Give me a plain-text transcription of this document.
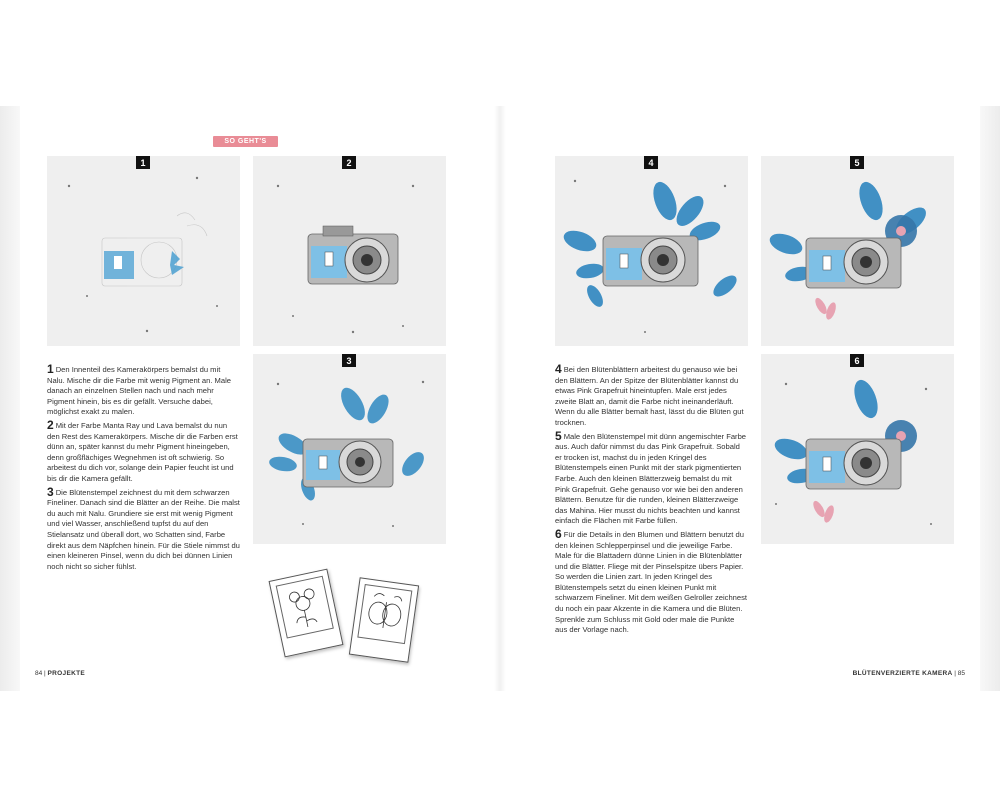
SO GEHT'S
1	2
3

1 Den Innenteil des Kamerakörpers bemalst du mit Nalu. Mische dir die Farbe mit wenig Pigment an. Male danach an einzelnen Stellen nach und nach mehr Pigment hinein, bis es dir gefällt. Versuche dabei, möglichst exakt zu malen.

2 Mit der Farbe Manta Ray und Lava bemalst du nun den Rest des Kamerakörpers. Mische dir die Farben erst dünn an, später kannst du mehr Pigment hineingeben, denn großflächiges Wegnehmen ist oft schwierig. So arbeitest du dich vor, solange dein Papier feucht ist und bis dir die Kamera gefällt.

3 Die Blütenstempel zeichnest du mit dem schwarzen Fineliner. Danach sind die Blätter an der Reihe. Die malst du auch mit Nalu. Grundiere sie erst mit wenig Pigment und viel Wasser, anschließend tupfst du auf den Stielansatz und überall dort, wo Schatten sind, Farbe direkt aus dem Näpfchen hinein. Für die Stiele nimmst du einen kleineren Pinsel, wenn du dich bei dünnen Linien noch nicht so sicher fühlst.

84 | PROJEKTE
4	5
6

4 Bei den Blütenblättern arbeitest du genauso wie bei den Blättern. An der Spitze der Blütenblätter kannst du etwas Pink Grapefruit hineintupfen. Male erst jedes zweite Blatt an, damit die Farbe nicht ineinanderläuft. Wenn du alle Blätter bemalt hast, lässt du die Blüten gut trocknen.

5 Male den Blütenstempel mit dünn angemischter Farbe aus. Auch dafür nimmst du das Pink Grapefruit. Sobald er trocken ist, machst du in jeden Kringel des Blütenstempels einen Punkt mit der stark pigmentierten Farbe. Auch den kleinen Blätterzweig bemalst du mit Pink Grapefruit. Gehe genauso vor wie bei den anderen Blättern. Benutze für die runden, kleinen Blätterzweige das Mahina. Hier musst du nichts beachten und kannst einfach die Flächen mit Farbe füllen.

6 Für die Details in den Blumen und Blättern benutzt du den kleinen Schlepperpinsel und die jeweilige Farbe. Male für die Blattadern dünne Linien in die Blütenblätter und die Blätter. Fliege mit der Pinselspitze übers Papier. So werden die Linien zart. In jeden Kringel des Blütenstempels setzt du einen kleinen Punkt mit schwarzem Fineliner. Mit dem weißen Gelroller zeichnest du noch ein paar Akzente in die Kamera und die Blüten. Sprenkle zum Schluss mit Gold oder male die Punkte aus der Vorlage nach.

BLÜTENVERZIERTE KAMERA | 85
